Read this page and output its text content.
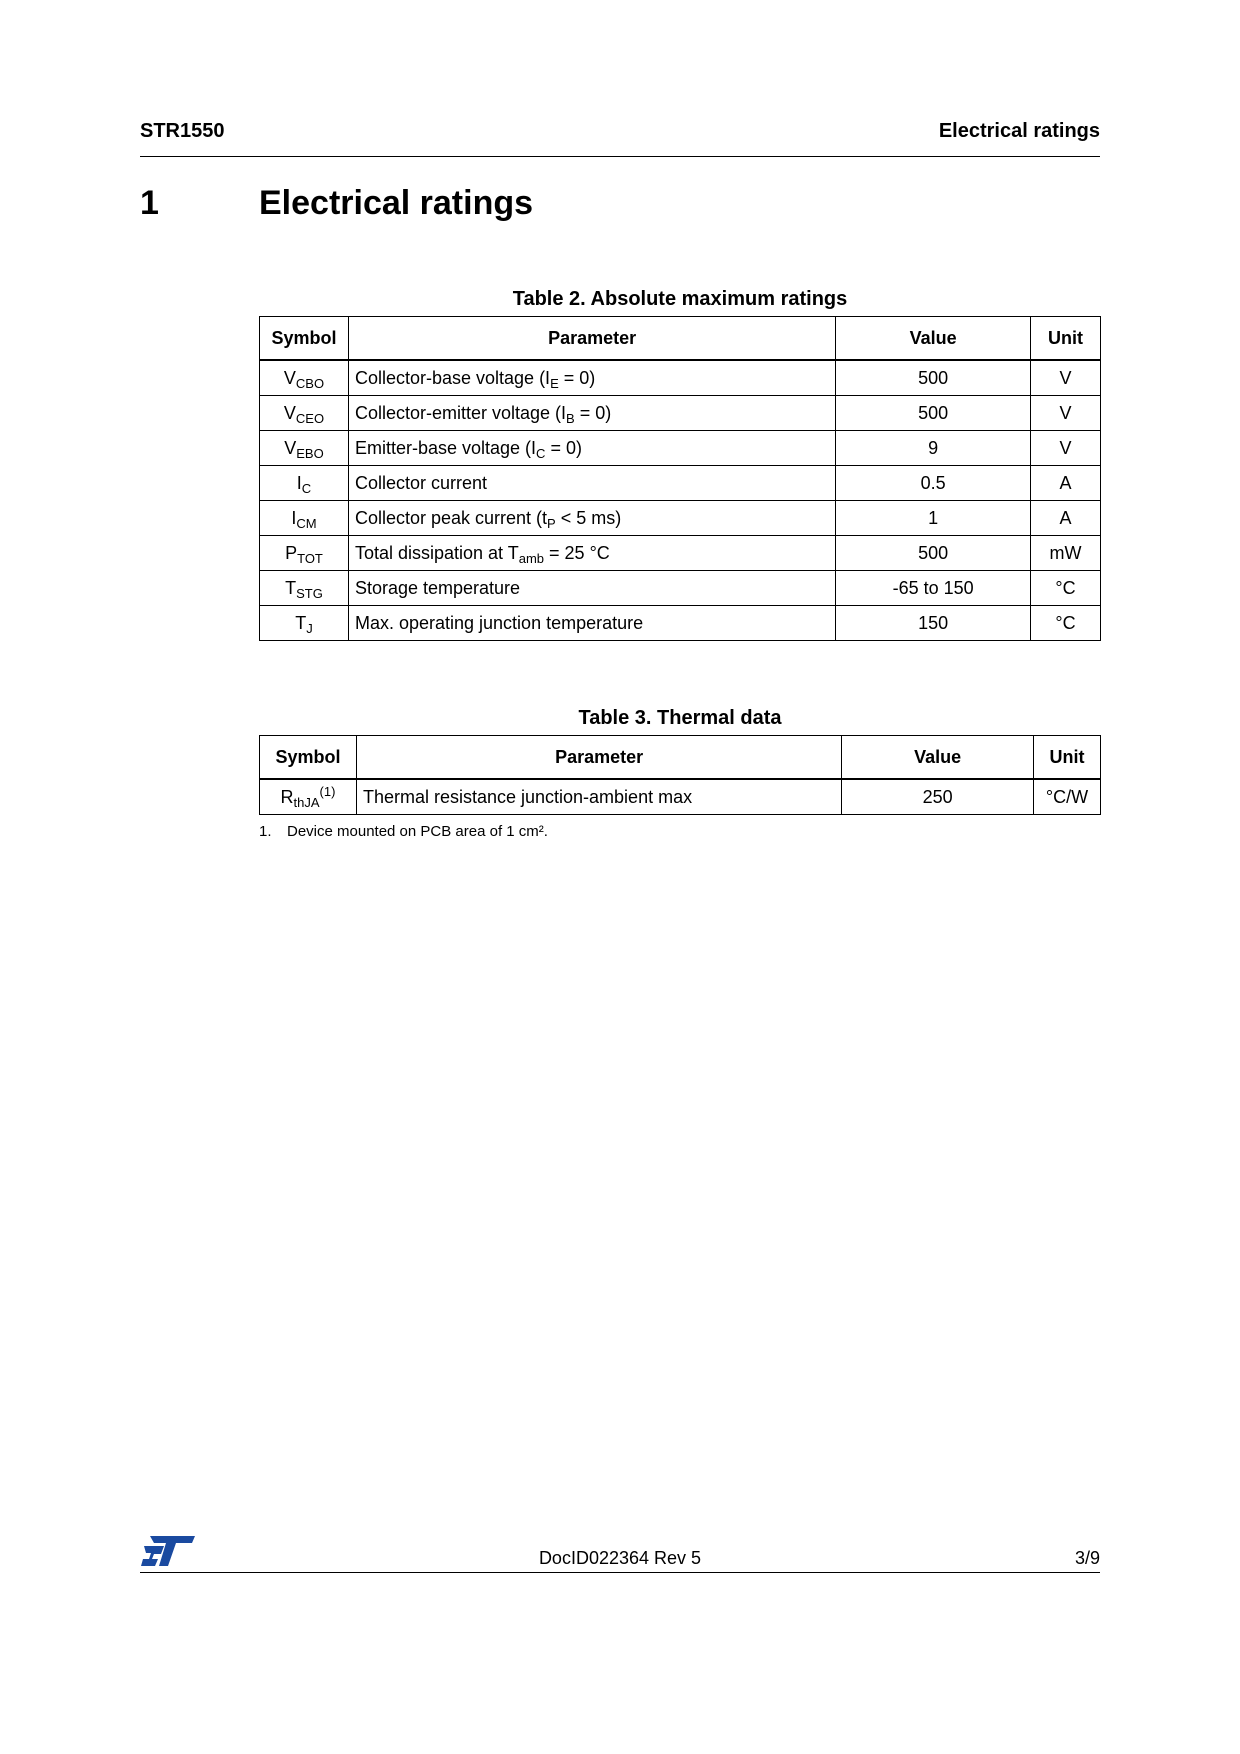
STR1550	Electrical ratings
1	Electrical ratings
Table 2. Absolute maximum ratings
Symbol	Parameter	Value	Unit
$V_{CBO}$	Collector-base voltage $(I_E = 0)$	500	V
$V_{CEO}$	Collector-emitter voltage $(I_B = 0)$	500	V
$V_{EBO}$	Emitter-base voltage $(I_C = 0)$	9	V
$I_C$	Collector current	0.5	A
$I_{CM}$	Collector peak current ($t_P < 5$ ms)	1	A
$P_{TOT}$	Total dissipation at $T_{amb} = 25$ °C	500	mW
$T_{STG}$	Storage temperature	-65 to 150	°C
$T_J$	Max. operating junction temperature	150	°C
Table 3. Thermal data
Symbol	Parameter	Value	Unit
$R_{thJA}^{(1)}$	Thermal resistance junction-ambient max	250	°C/W
1. Device mounted on PCB area of 1 cm².
DocID022364 Rev 5	3/9
